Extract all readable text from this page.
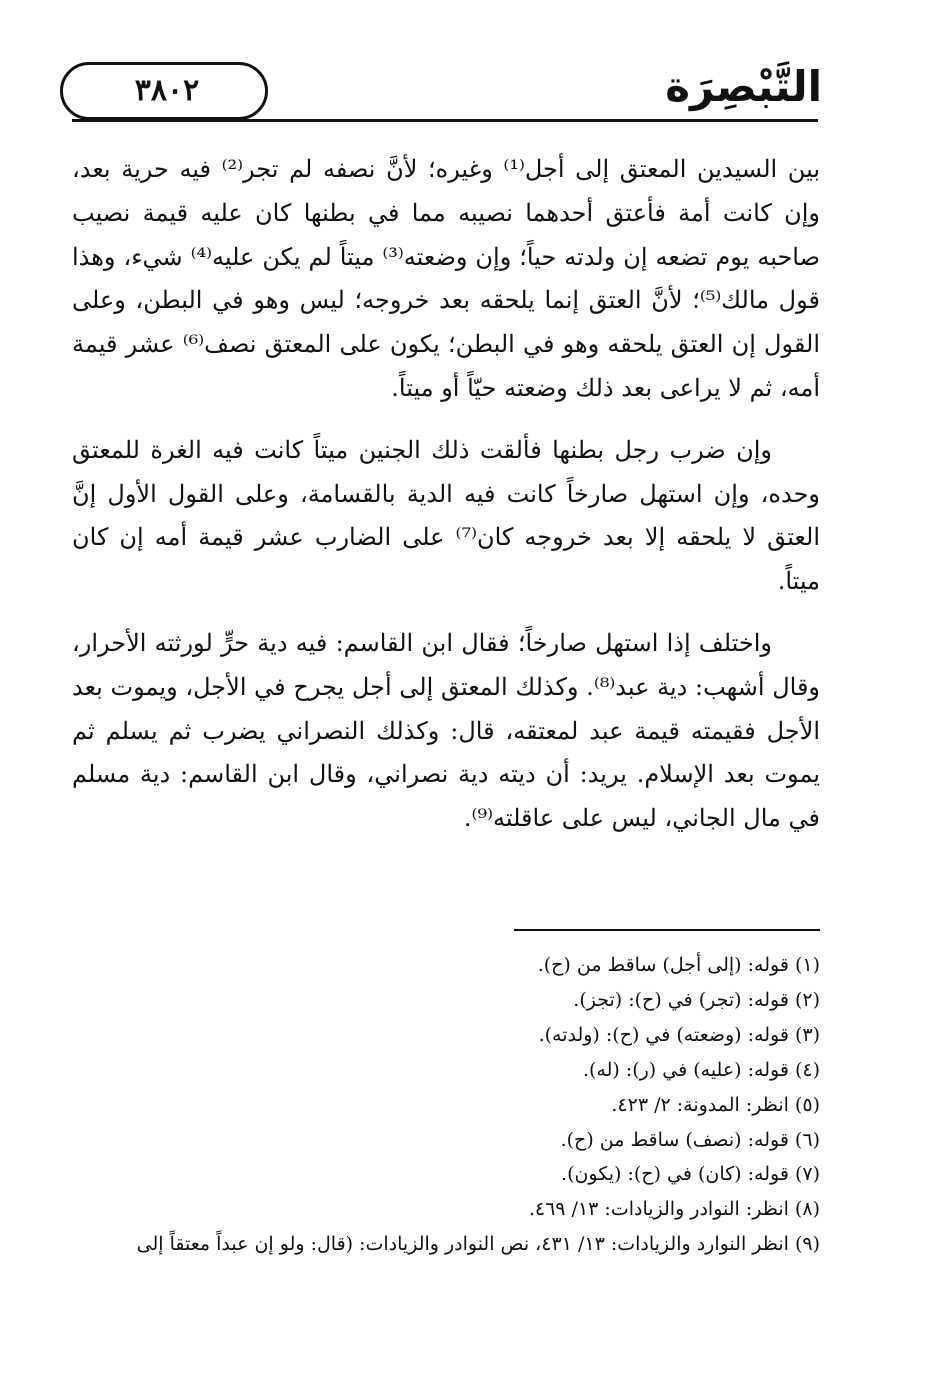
٣٨٠٢	التَّبْصِرَة

بين السيدين المعتق إلى أجل⁽¹⁾ وغيره؛ لأنَّ نصفه لم تجر⁽²⁾ فيه حرية بعد، وإن كانت أمة فأعتق أحدهما نصيبه مما في بطنها كان عليه قيمة نصيب صاحبه يوم تضعه إن ولدته حياً؛ وإن وضعته⁽³⁾ ميتاً لم يكن عليه⁽⁴⁾ شيء، وهذا قول مالك⁽⁵⁾؛ لأنَّ العتق إنما يلحقه بعد خروجه؛ ليس وهو في البطن، وعلى القول إن العتق يلحقه وهو في البطن؛ يكون على المعتق نصف⁽⁶⁾ عشر قيمة أمه، ثم لا يراعى بعد ذلك وضعته حيّاً أو ميتاً.

وإن ضرب رجل بطنها فألقت ذلك الجنين ميتاً كانت فيه الغرة للمعتق وحده، وإن استهل صارخاً كانت فيه الدية بالقسامة، وعلى القول الأول إنَّ العتق لا يلحقه إلا بعد خروجه كان⁽⁷⁾ على الضارب عشر قيمة أمه إن كان ميتاً.

واختلف إذا استهل صارخاً؛ فقال ابن القاسم: فيه دية حرٍّ لورثته الأحرار، وقال أشهب: دية عبد⁽⁸⁾. وكذلك المعتق إلى أجل يجرح في الأجل، ويموت بعد الأجل فقيمته قيمة عبد لمعتقه، قال: وكذلك النصراني يضرب ثم يسلم ثم يموت بعد الإسلام. يريد: أن ديته دية نصراني، وقال ابن القاسم: دية مسلم في مال الجاني، ليس على عاقلته⁽⁹⁾.

(١) قوله: (إلى أجل) ساقط من (ح).
(٢) قوله: (تجر) في (ح): (تجز).
(٣) قوله: (وضعته) في (ح): (ولدته).
(٤) قوله: (عليه) في (ر): (له).
(٥) انظر: المدونة: ٢/ ٤٢٣.
(٦) قوله: (نصف) ساقط من (ح).
(٧) قوله: (كان) في (ح): (يكون).
(٨) انظر: النوادر والزيادات: ١٣/ ٤٦٩.
(٩) انظر النوارد والزيادات: ١٣/ ٤٣١، نص النوادر والزيادات: (قال: ولو إن عبداً معتقاً إلى
